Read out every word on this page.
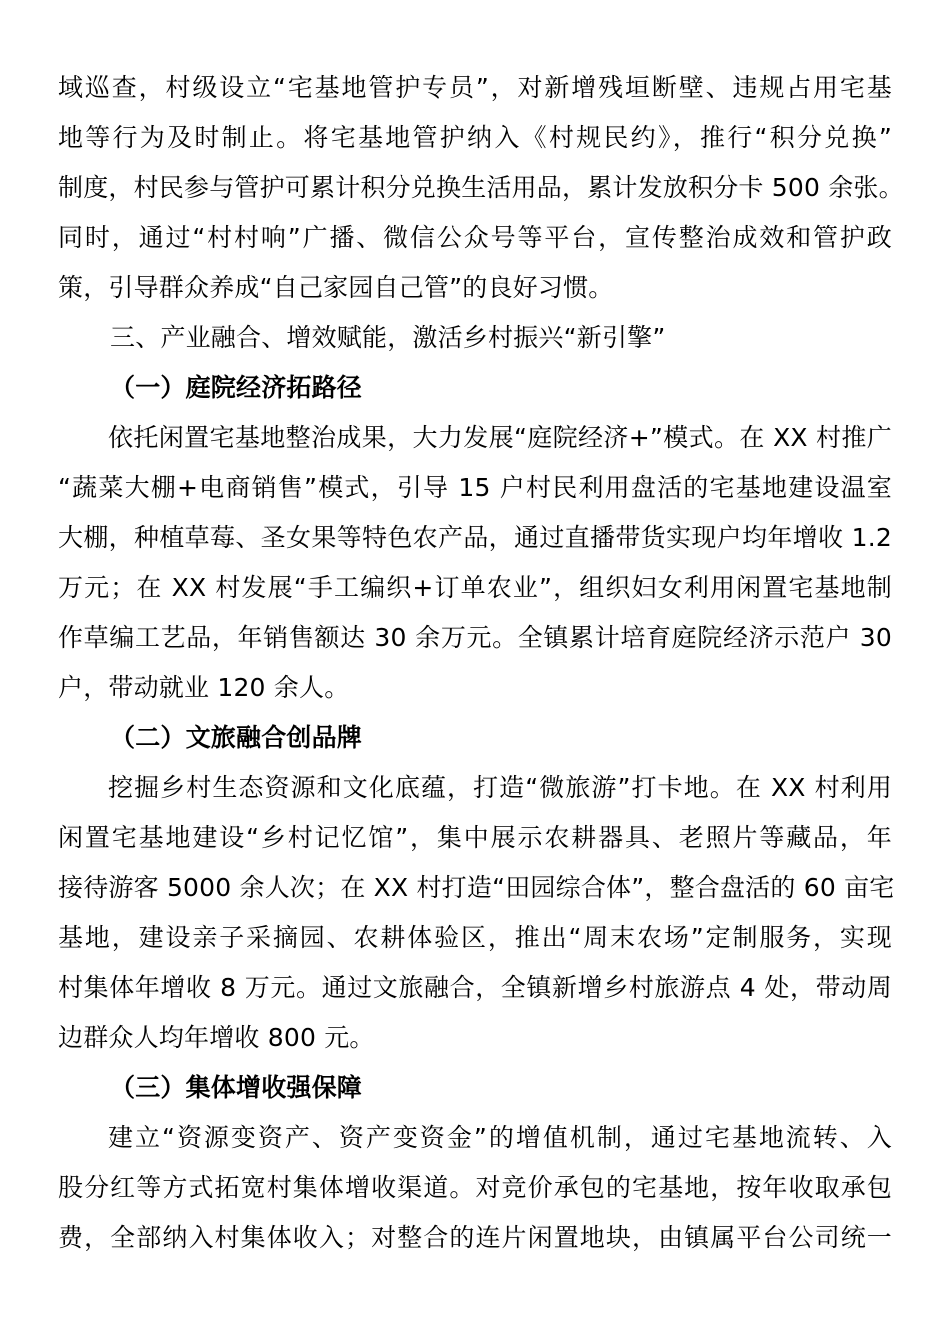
域巡查，村级设立“宅基地管护专员”，对新增残垣断壁、违规占用宅基
地等行为及时制止。将宅基地管护纳入《村规民约》，推行“积分兑换”
制度，村民参与管护可累计积分兑换生活用品，累计发放积分卡 500 余张。
同时，通过“村村响”广播、微信公众号等平台，宣传整治成效和管护政
策，引导群众养成“自己家园自己管”的良好习惯。
三、产业融合、增效赋能，激活乡村振兴“新引擎”
（一）庭院经济拓路径
依托闲置宅基地整治成果，大力发展“庭院经济+”模式。在 XX 村推广
“蔬菜大棚+电商销售”模式，引导 15 户村民利用盘活的宅基地建设温室
大棚，种植草莓、圣女果等特色农产品，通过直播带货实现户均年增收 1.2
万元；在 XX 村发展“手工编织+订单农业”，组织妇女利用闲置宅基地制
作草编工艺品，年销售额达 30 余万元。全镇累计培育庭院经济示范户 30
户，带动就业 120 余人。
（二）文旅融合创品牌
挖掘乡村生态资源和文化底蕴，打造“微旅游”打卡地。在 XX 村利用
闲置宅基地建设“乡村记忆馆”，集中展示农耕器具、老照片等藏品，年
接待游客 5000 余人次；在 XX 村打造“田园综合体”，整合盘活的 60 亩宅
基地，建设亲子采摘园、农耕体验区，推出“周末农场”定制服务，实现
村集体年增收 8 万元。通过文旅融合，全镇新增乡村旅游点 4 处，带动周
边群众人均年增收 800 元。
（三）集体增收强保障
建立“资源变资产、资产变资金”的增值机制，通过宅基地流转、入
股分红等方式拓宽村集体增收渠道。对竞价承包的宅基地，按年收取承包
费，全部纳入村集体收入；对整合的连片闲置地块，由镇属平台公司统一
